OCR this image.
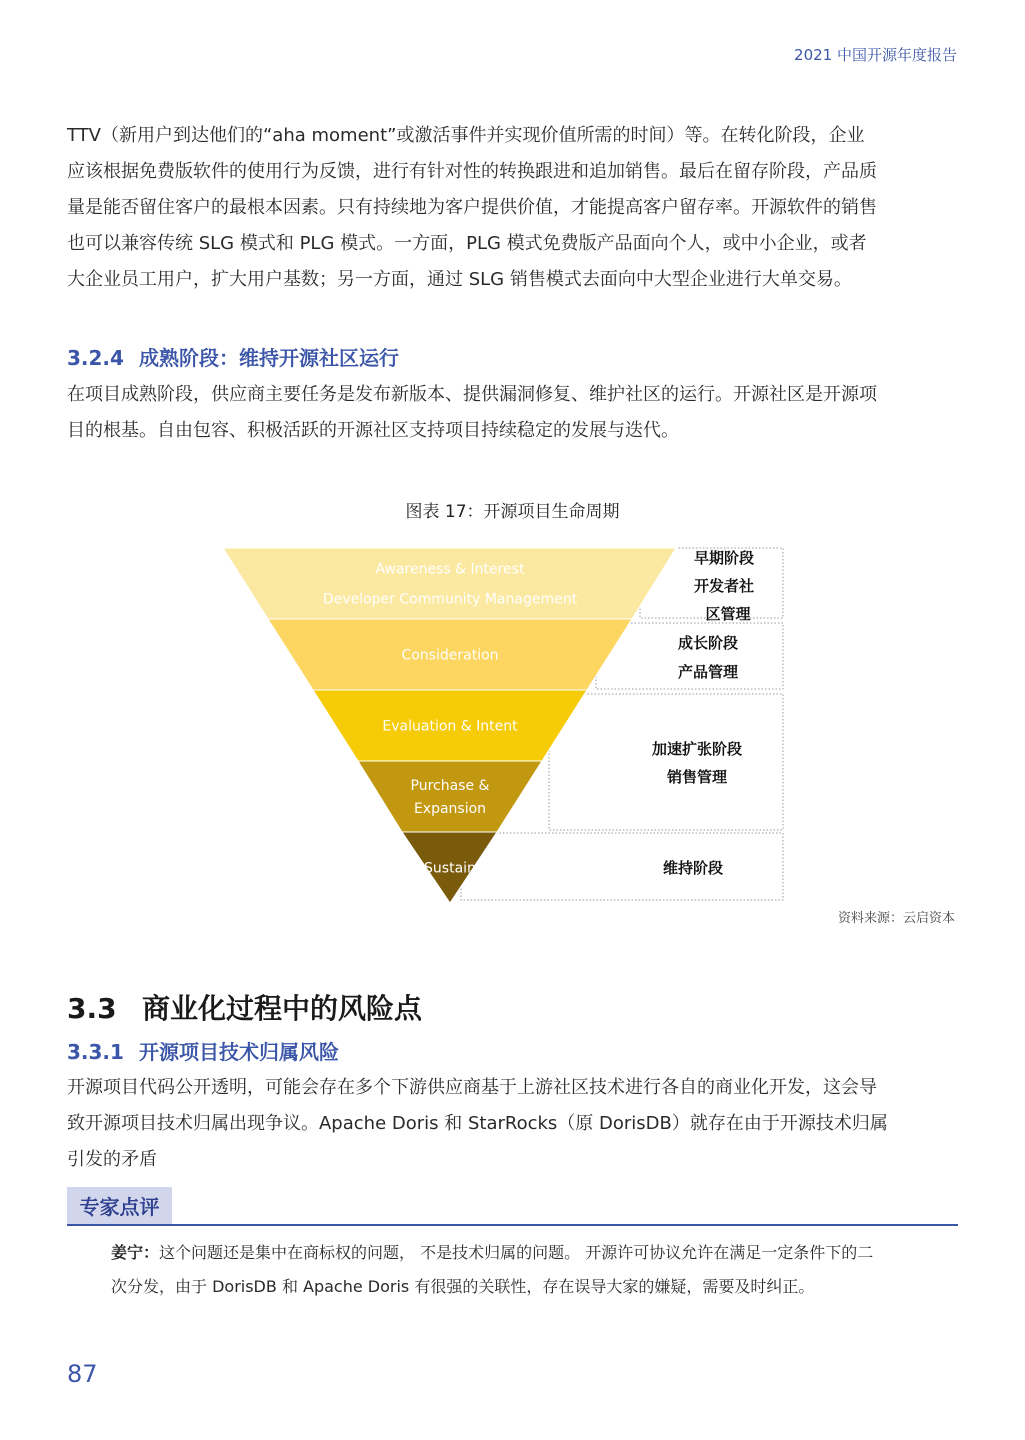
2021 中国开源年度报告
TTV（新用户到达他们的“aha moment”或激活事件并实现价值所需的时间）等。在转化阶段，企业
应该根据免费版软件的使用行为反馈，进行有针对性的转换跟进和追加销售。最后在留存阶段，产品质
量是能否留住客户的最根本因素。只有持续地为客户提供价值，才能提高客户留存率。开源软件的销售
也可以兼容传统 SLG 模式和 PLG 模式。一方面，PLG 模式免费版产品面向个人，或中小企业，或者
大企业员工用户，扩大用户基数；另一方面，通过 SLG 销售模式去面向中大型企业进行大单交易。
3.2.4 成熟阶段：维持开源社区运行
在项目成熟阶段，供应商主要任务是发布新版本、提供漏洞修复、维护社区的运行。开源社区是开源项
目的根基。自由包容、积极活跃的开源社区支持项目持续稳定的发展与迭代。
图表 17：开源项目生命周期
Awareness & Interest
Developer Community Management
早期阶段
开发者社
区管理
Consideration
成长阶段
产品管理
Evaluation & Intent
加速扩张阶段
销售管理
Purchase &
Expansion
Sustain	维持阶段
资料来源：云启资本
3.3 商业化过程中的风险点
3.3.1 开源项目技术归属风险
开源项目代码公开透明，可能会存在多个下游供应商基于上游社区技术进行各自的商业化开发，这会导
致开源项目技术归属出现争议。Apache Doris 和 StarRocks（原 DorisDB）就存在由于开源技术归属
引发的矛盾
专家点评
姜宁：这个问题还是集中在商标权的问题， 不是技术归属的问题。 开源许可协议允许在满足一定条件下的二
次分发，由于 DorisDB 和 Apache Doris 有很强的关联性，存在误导大家的嫌疑，需要及时纠正。
87
